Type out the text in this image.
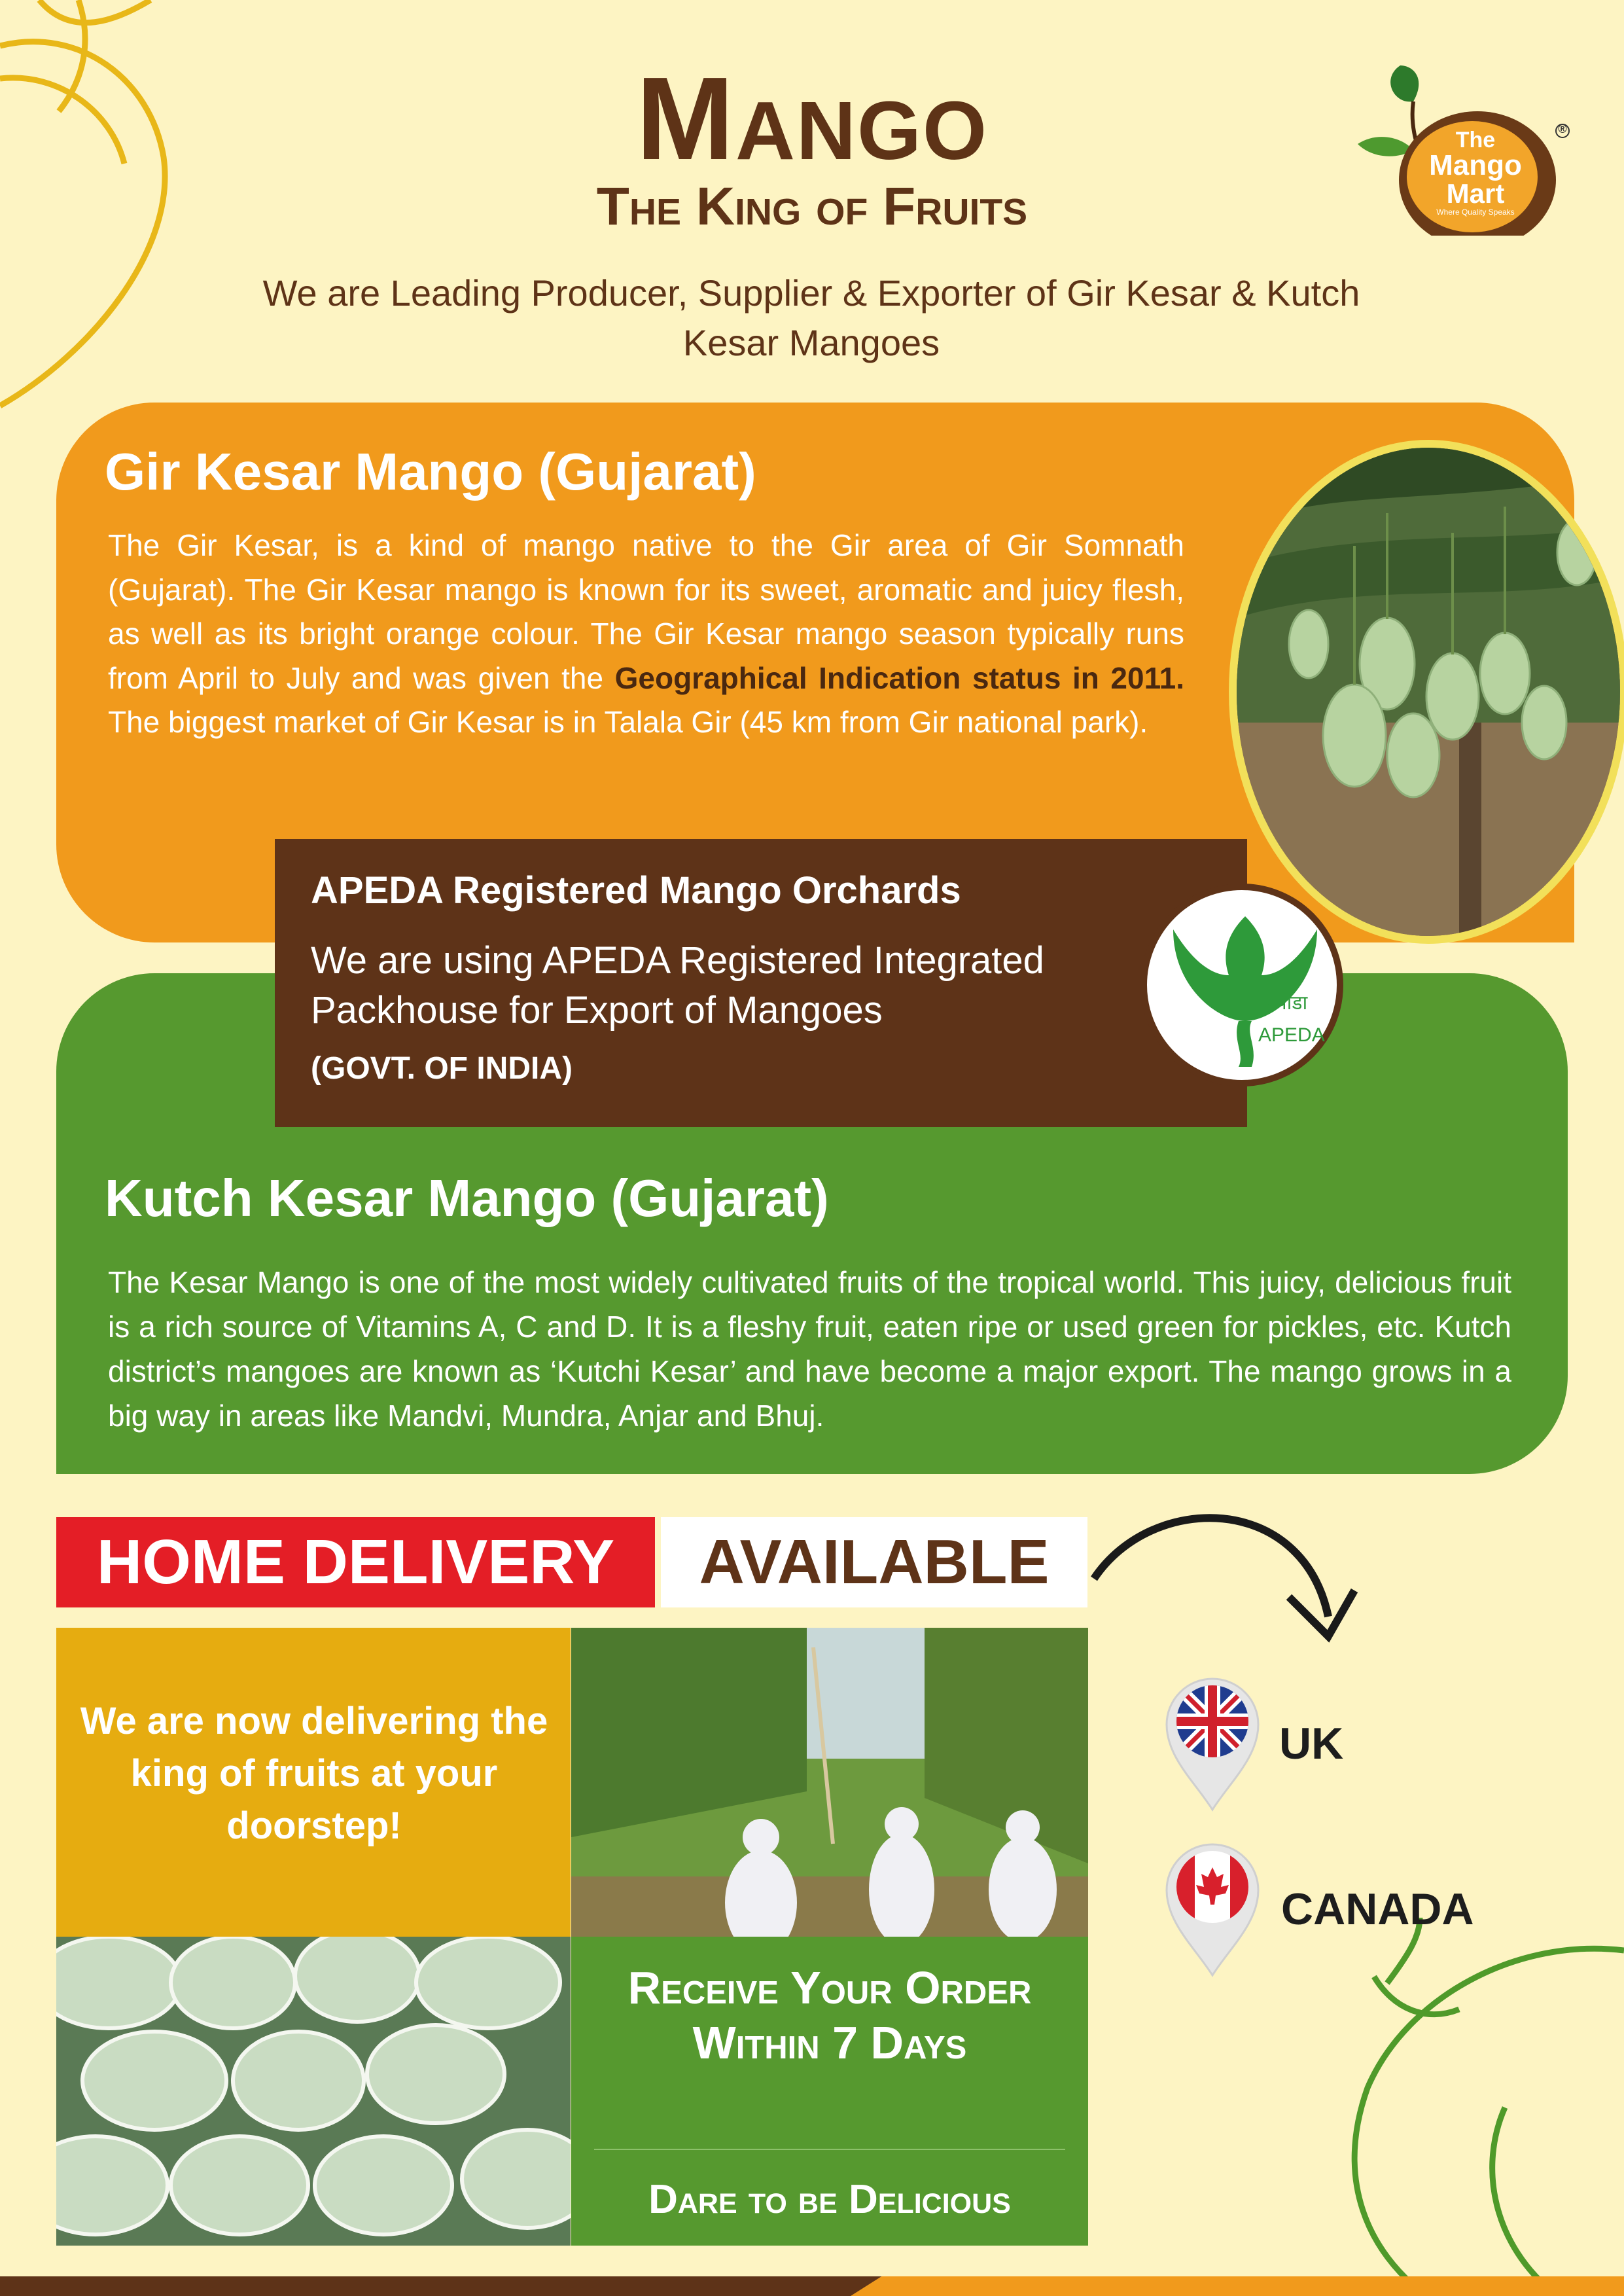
Mango
The King of Fruits
We are Leading Producer, Supplier & Exporter of Gir Kesar & Kutch Kesar Mangoes
The
Mango
Mart
Where Quality Speaks
®
Gir Kesar Mango (Gujarat)
The Gir Kesar, is a kind of mango native to the Gir area of Gir Somnath (Gujarat). The Gir Kesar mango is known for its sweet, aromatic and juicy flesh, as well as its bright orange colour. The Gir Kesar mango season typically runs from April to July and was given the Geographical Indication status in 2011. The biggest market of Gir Kesar is in Talala Gir (45 km from Gir national park).
APEDA Registered Mango Orchards
We are using APEDA Registered Integrated Packhouse for Export of Mangoes
(GOVT. OF INDIA)
एपीडा
APEDA
Kutch Kesar Mango (Gujarat)
The Kesar Mango is one of the most widely cultivated fruits of the tropical world. This juicy, delicious fruit is a rich source of Vitamins A, C and D. It is a fleshy fruit, eaten ripe or used green for pickles, etc. Kutch district’s mangoes are known as ‘Kutchi Kesar’ and have become a major export. The mango grows in a big way in areas like Mandvi, Mundra, Anjar and Bhuj.
HOME DELIVERY	AVAILABLE
We are now delivering the king of fruits at your doorstep!
Receive Your Order Within 7 Days
Dare to be Delicious
UK
CANADA
